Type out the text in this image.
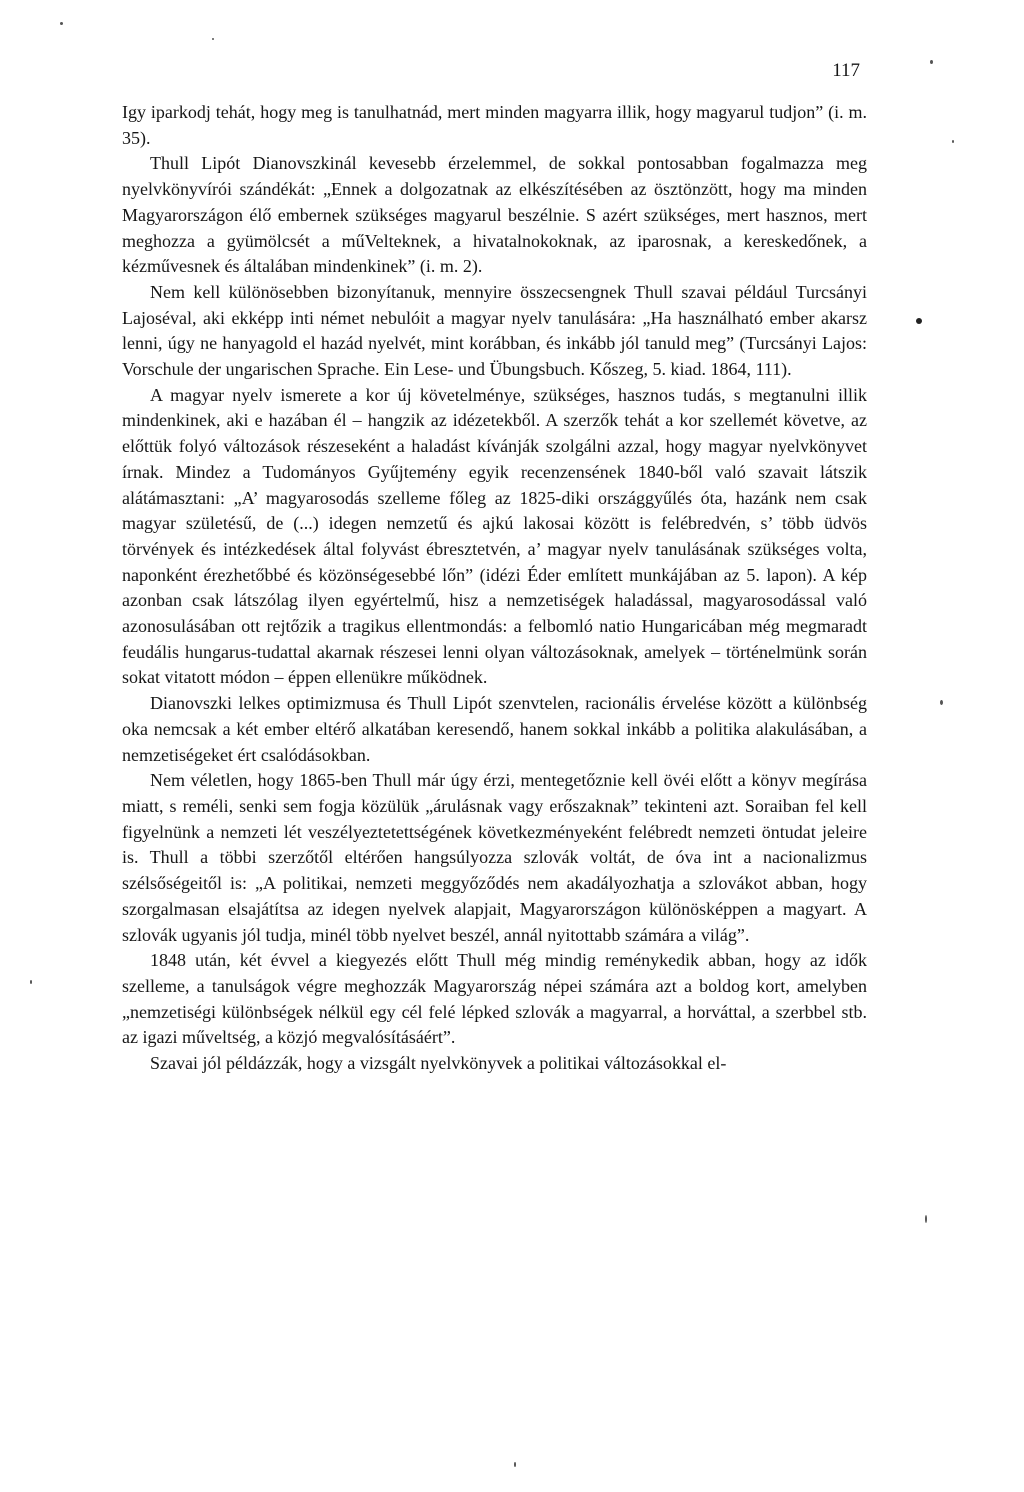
117

Igy iparkodj tehát, hogy meg is tanulhatnád, mert minden magyarra illik, hogy magyarul tudjon” (i. m. 35).

Thull Lipót Dianovszkinál kevesebb érzelemmel, de sokkal pontosabban fogalmazza meg nyelvkönyvírói szándékát: „Ennek a dolgozatnak az elkészítésében az ösztönzött, hogy ma minden Magyarországon élő embernek szükséges magyarul beszélnie. S azért szükséges, mert hasznos, mert meghozza a gyümölcsét a műVelteknek, a hivatalnokoknak, az iparosnak, a kereskedőnek, a kézművesnek és általában mindenkinek” (i. m. 2).

Nem kell különösebben bizonyítanuk, mennyire összecsengnek Thull szavai például Turcsányi Lajoséval, aki ekképp inti német nebulóit a magyar nyelv tanulására: „Ha használható ember akarsz lenni, úgy ne hanyagold el hazád nyelvét, mint korábban, és inkább jól tanuld meg” (Turcsányi Lajos: Vorschule der ungarischen Sprache. Ein Lese- und Übungsbuch. Kőszeg, 5. kiad. 1864, 111).

A magyar nyelv ismerete a kor új követelménye, szükséges, hasznos tudás, s megtanulni illik mindenkinek, aki e hazában él – hangzik az idézetekből. A szerzők tehát a kor szellemét követve, az előttük folyó változások részeseként a haladást kívánják szolgálni azzal, hogy magyar nyelvkönyvet írnak. Mindez a Tudományos Gyűjtemény egyik recenzensének 1840-ből való szavait látszik alátámasztani: „A’ magyarosodás szelleme főleg az 1825-diki országgyűlés óta, hazánk nem csak magyar születésű, de (...) idegen nemzetű és ajkú lakosai között is felébredvén, s’ több üdvös törvények és intézkedések által folyvást ébresztetvén, a’ magyar nyelv tanulásának szükséges volta, naponként érezhetőbbé és közönségesebbé lőn” (idézi Éder említett munkájában az 5. lapon). A kép azonban csak látszólag ilyen egyértelmű, hisz a nemzetiségek haladással, magyarosodással való azonosulásában ott rejtőzik a tragikus ellentmondás: a felbomló natio Hungaricában még megmaradt feudális hungarus-tudattal akarnak részesei lenni olyan változásoknak, amelyek – történelmünk során sokat vitatott módon – éppen ellenükre működnek.

Dianovszki lelkes optimizmusa és Thull Lipót szenvtelen, racionális érvelése között a különbség oka nemcsak a két ember eltérő alkatában keresendő, hanem sokkal inkább a politika alakulásában, a nemzetiségeket ért csalódásokban.

Nem véletlen, hogy 1865-ben Thull már úgy érzi, mentegetőznie kell övéi előtt a könyv megírása miatt, s reméli, senki sem fogja közülük „árulásnak vagy erőszaknak” tekinteni azt. Soraiban fel kell figyelnünk a nemzeti lét veszélyeztetettségének következményeként felébredt nemzeti öntudat jeleire is. Thull a többi szerzőtől eltérően hangsúlyozza szlovák voltát, de óva int a nacionalizmus szélsőségeitől is: „A politikai, nemzeti meggyőződés nem akadályozhatja a szlovákot abban, hogy szorgalmasan elsajátítsa az idegen nyelvek alapjait, Magyarországon különösképpen a magyart. A szlovák ugyanis jól tudja, minél több nyelvet beszél, annál nyitottabb számára a világ”.

1848 után, két évvel a kiegyezés előtt Thull még mindig reménykedik abban, hogy az idők szelleme, a tanulságok végre meghozzák Magyarország népei számára azt a boldog kort, amelyben „nemzetiségi különbségek nélkül egy cél felé lépked szlovák a magyarral, a horváttal, a szerbbel stb. az igazi műveltség, a közjó megvalósításáért”.

Szavai jól példázzák, hogy a vizsgált nyelvkönyvek a politikai változásokkal el-
